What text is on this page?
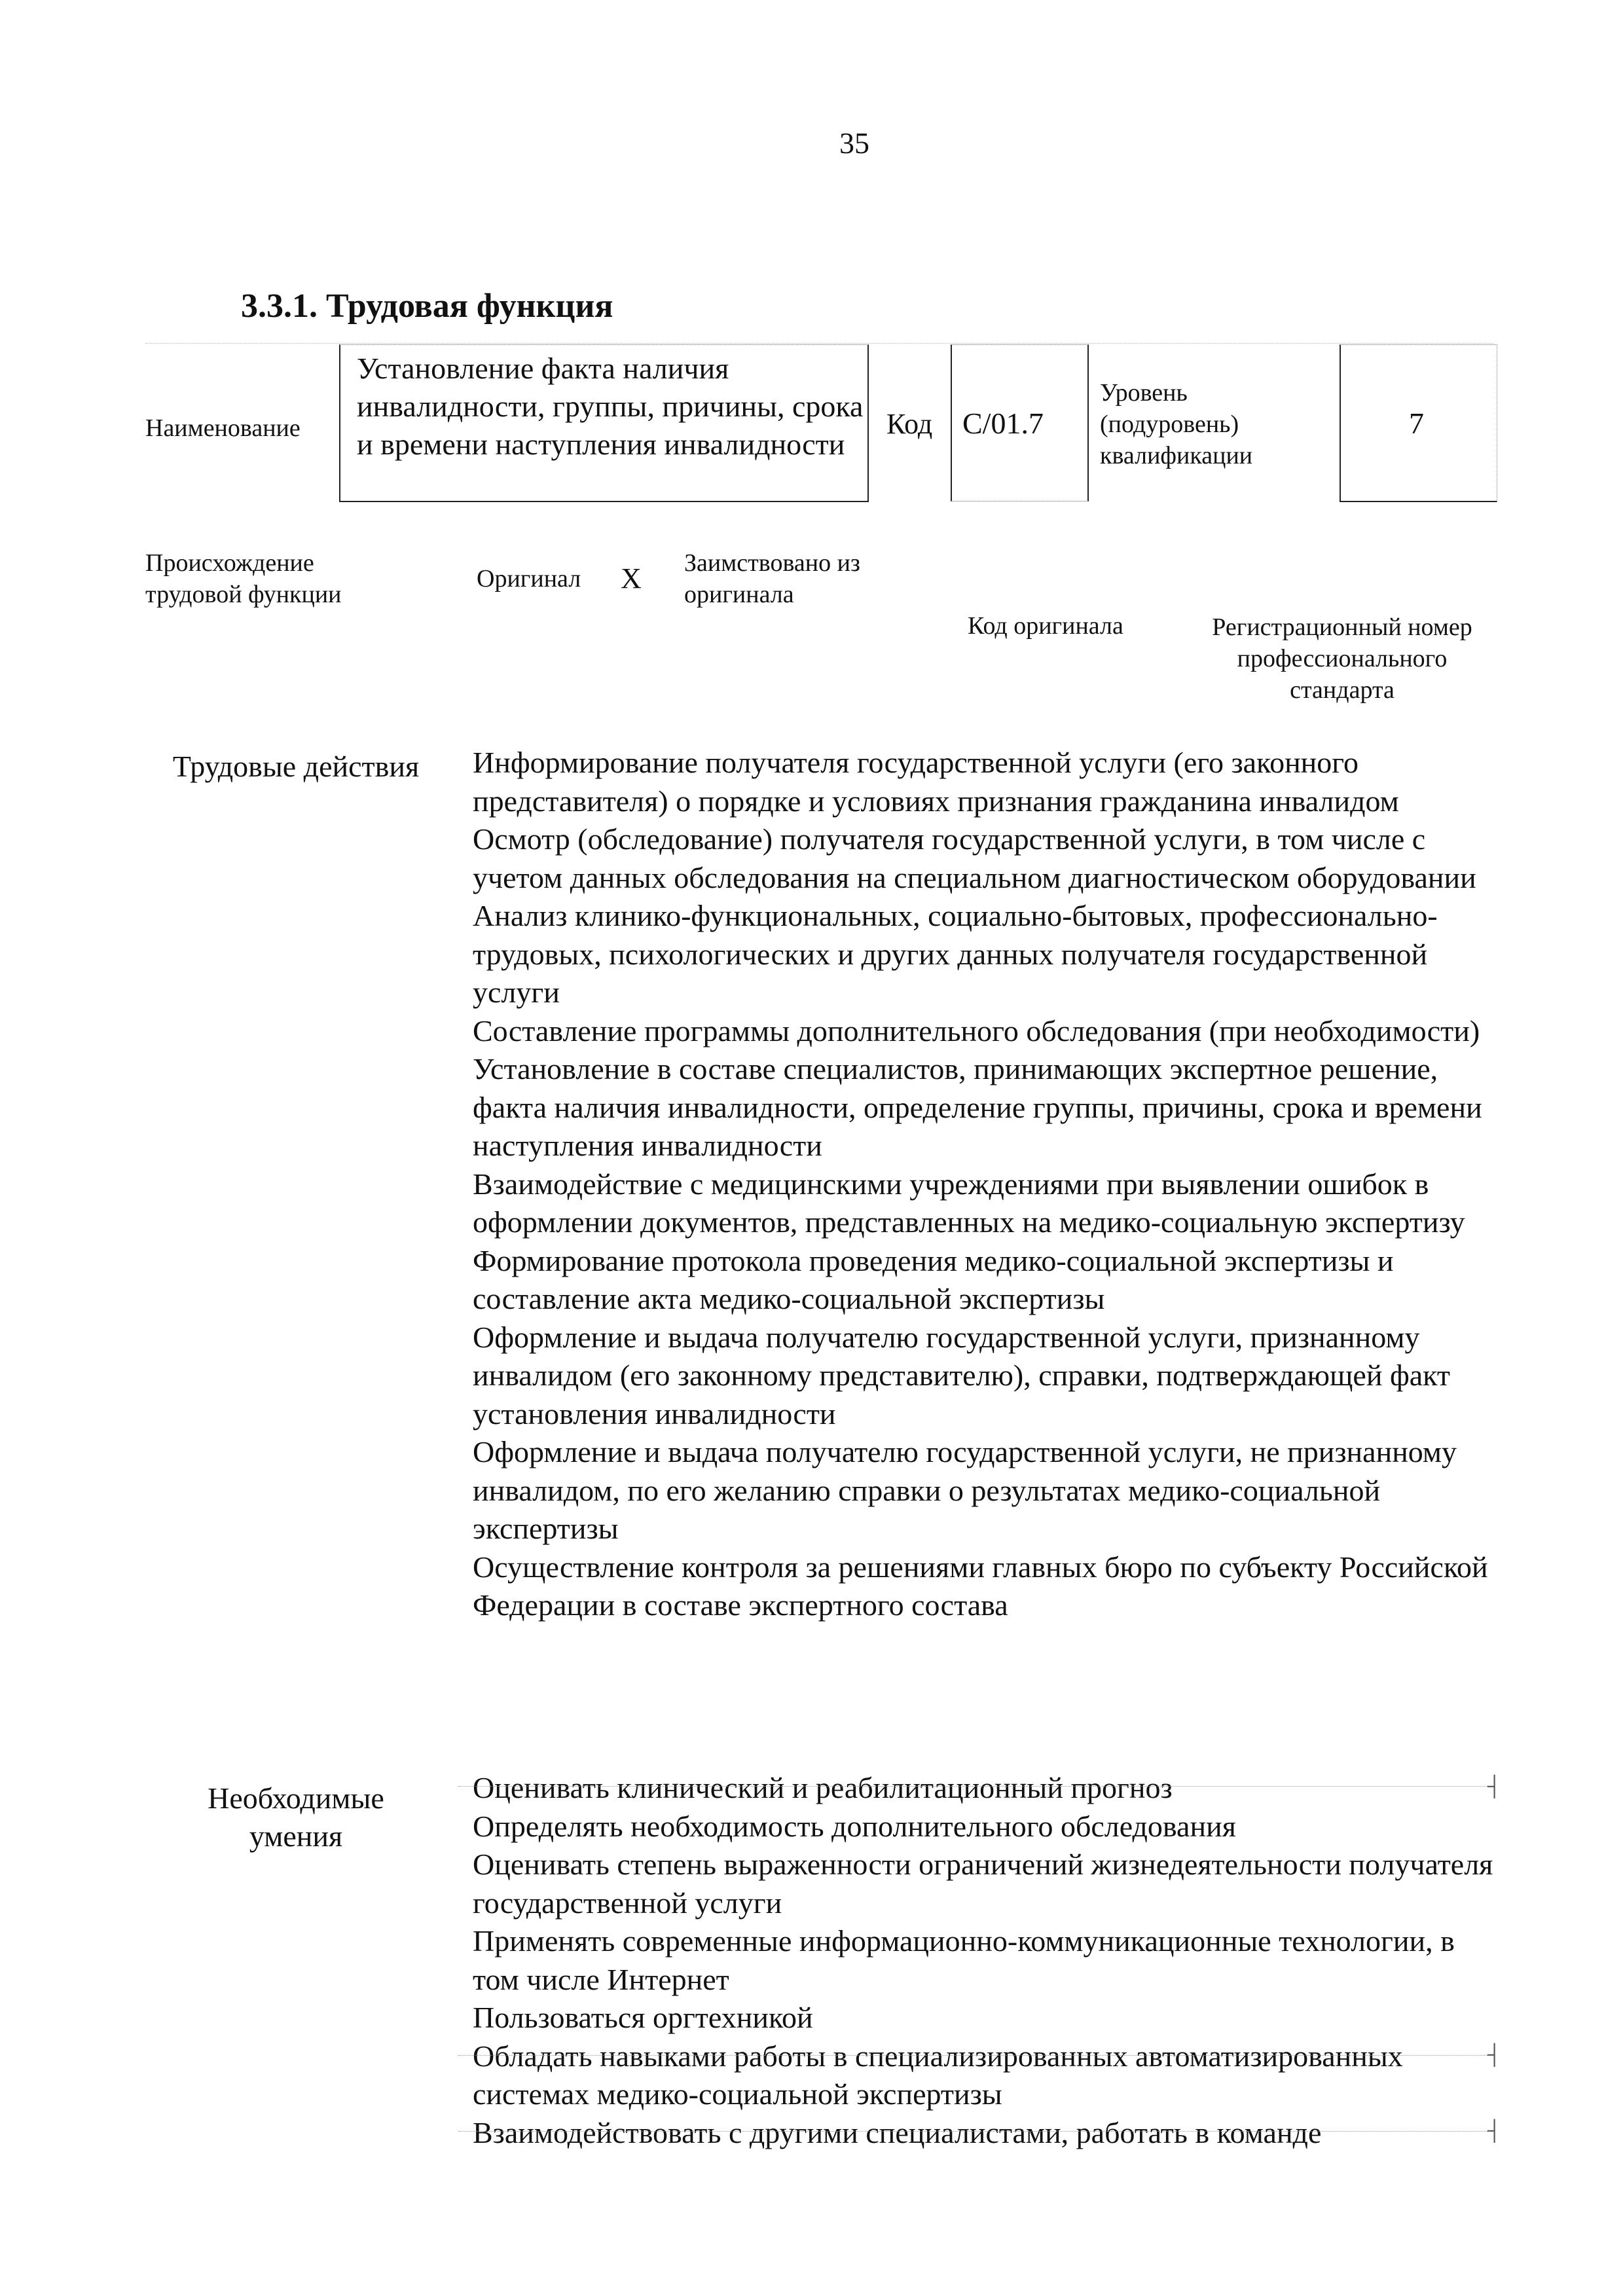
35
3.3.1. Трудовая функция
Наименование
Установление факта наличия инвалидности, группы, причины, срока и времени наступления инвалидности
Код С/01.7
Уровень (подуровень) квалификации
7
Происхождение трудовой функции
Оригинал X Заимствовано из оригинала
Код оригинала	Регистрационный номер профессионального стандарта
Трудовые действия	Информирование получателя государственной услуги (его законного представителя) о порядке и условиях признания гражданина инвалидом
Осмотр (обследование) получателя государственной услуги, в том числе с учетом данных обследования на специальном диагностическом оборудовании
Анализ клинико-функциональных, социально-бытовых, профессионально-трудовых, психологических и других данных получателя государственной услуги
Составление программы дополнительного обследования (при необходимости)
Установление в составе специалистов, принимающих экспертное решение, факта наличия инвалидности, определение группы, причины, срока и времени наступления инвалидности
Взаимодействие с медицинскими учреждениями при выявлении ошибок в оформлении документов, представленных на медико-социальную экспертизу
Формирование протокола проведения медико-социальной экспертизы и составление акта медико-социальной экспертизы
Оформление и выдача получателю государственной услуги, признанному инвалидом (его законному представителю), справки, подтверждающей факт установления инвалидности
Оформление и выдача получателю государственной услуги, не признанному инвалидом, по его желанию справки о результатах медико-социальной экспертизы
Осуществление контроля за решениями главных бюро по субъекту Российской Федерации в составе экспертного состава
Необходимые умения
Оценивать клинический и реабилитационный прогноз
Определять необходимость дополнительного обследования
Оценивать степень выраженности ограничений жизнедеятельности получателя государственной услуги
Применять современные информационно-коммуникационные технологии, в том числе Интернет
Пользоваться оргтехникой
Обладать навыками работы в специализированных автоматизированных системах медико-социальной экспертизы
Взаимодействовать с другими специалистами, работать в команде
┤
┤
┤
